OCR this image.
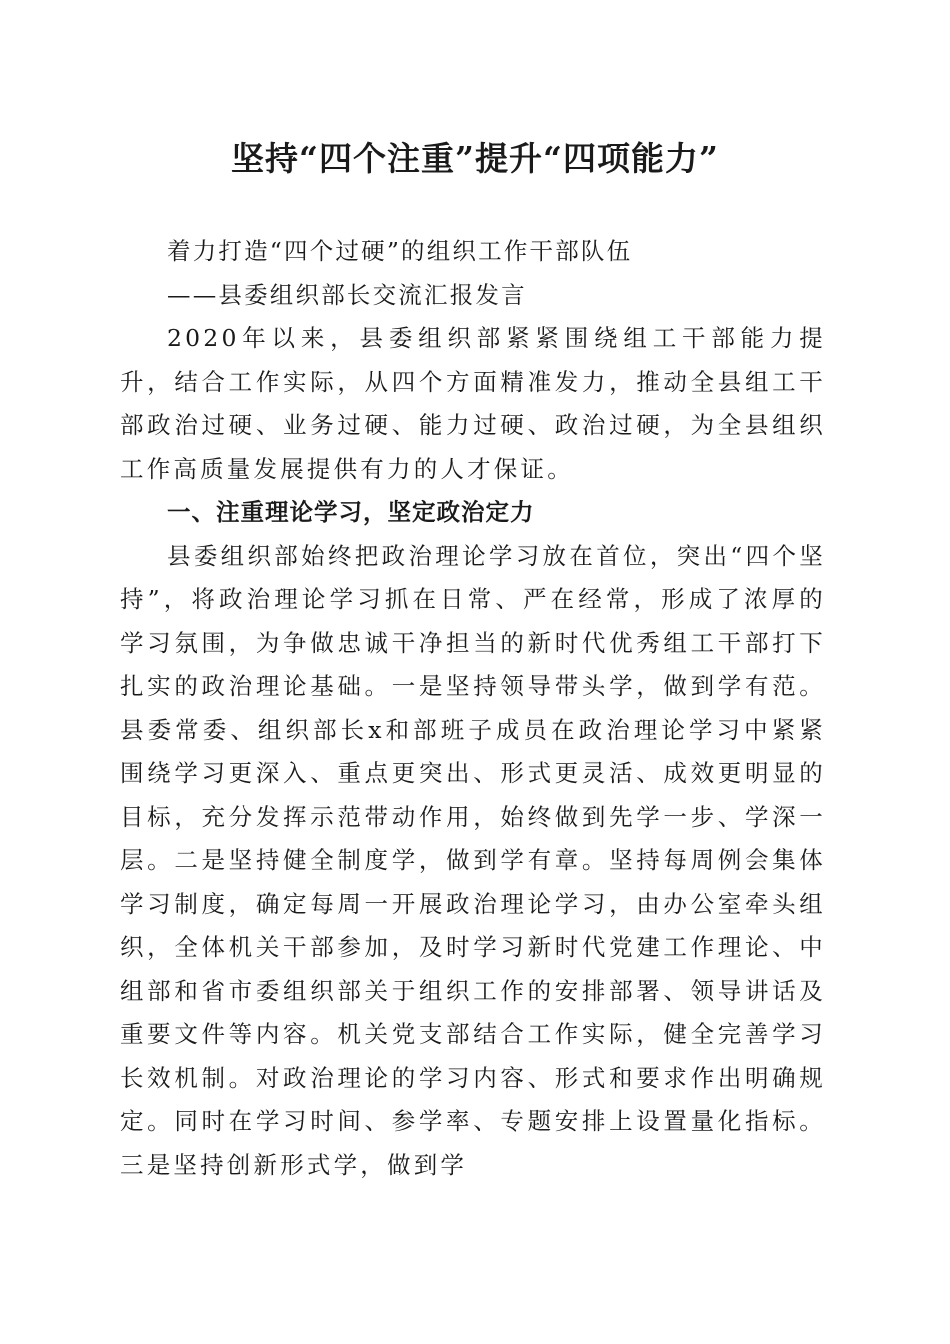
坚持“四个注重”提升“四项能力”

着力打造“四个过硬”的组织工作干部队伍

——县委组织部长交流汇报发言

2020年以来，县委组织部紧紧围绕组工干部能力提升，结合工作实际，从四个方面精准发力，推动全县组工干部政治过硬、业务过硬、能力过硬、政治过硬，为全县组织工作高质量发展提供有力的人才保证。

一、注重理论学习，坚定政治定力

县委组织部始终把政治理论学习放在首位，突出“四个坚持”，将政治理论学习抓在日常、严在经常，形成了浓厚的学习氛围，为争做忠诚干净担当的新时代优秀组工干部打下扎实的政治理论基础。一是坚持领导带头学，做到学有范。县委常委、组织部长x和部班子成员在政治理论学习中紧紧围绕学习更深入、重点更突出、形式更灵活、成效更明显的目标，充分发挥示范带动作用，始终做到先学一步、学深一层。二是坚持健全制度学，做到学有章。坚持每周例会集体学习制度，确定每周一开展政治理论学习，由办公室牵头组织，全体机关干部参加，及时学习新时代党建工作理论、中组部和省市委组织部关于组织工作的安排部署、领导讲话及重要文件等内容。机关党支部结合工作实际，健全完善学习长效机制。对政治理论的学习内容、形式和要求作出明确规定。同时在学习时间、参学率、专题安排上设置量化指标。三是坚持创新形式学，做到学
